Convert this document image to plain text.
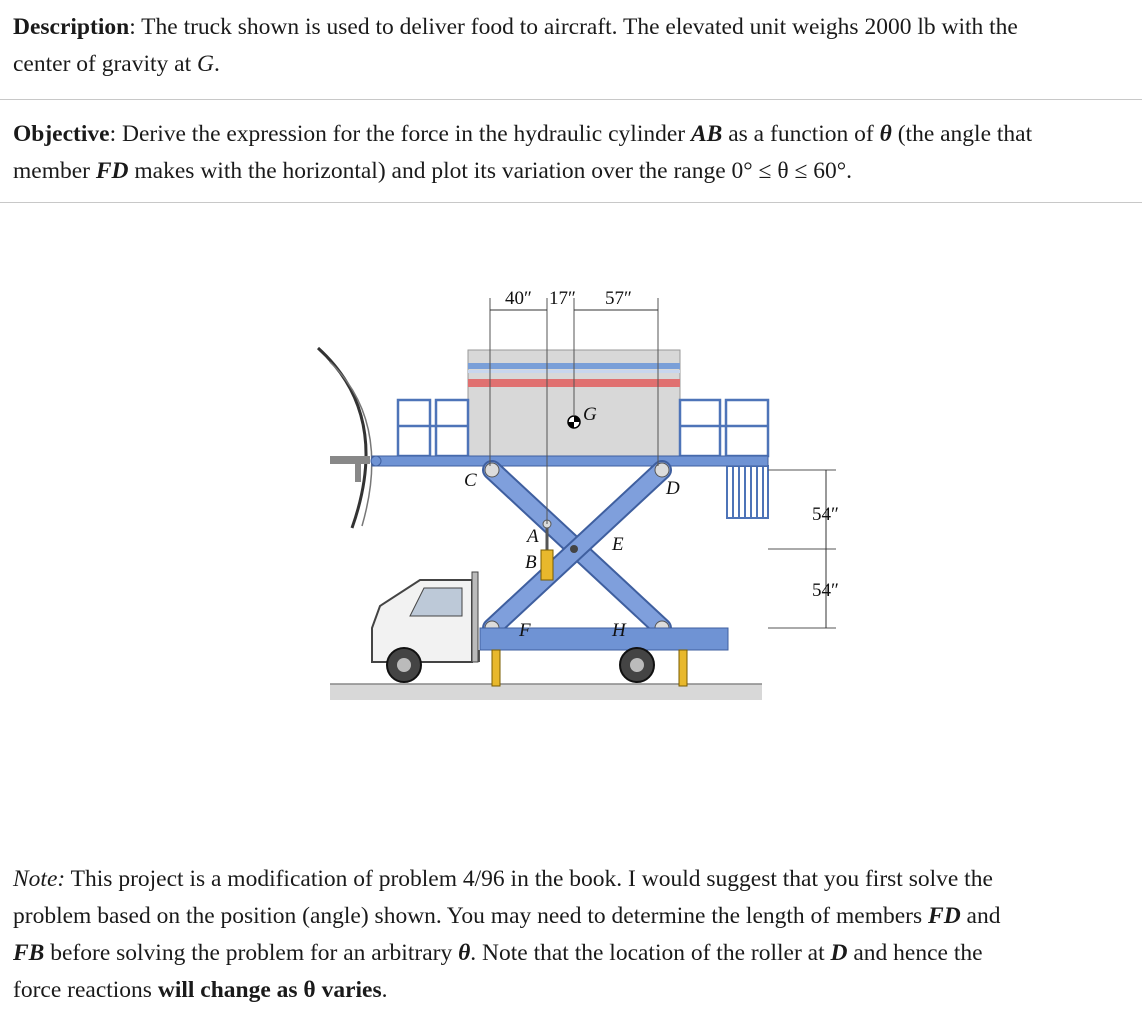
Description: The truck shown is used to deliver food to aircraft. The elevated unit weighs 2000 lb with the
center of gravity at G.
Objective: Derive the expression for the force in the hydraulic cylinder AB as a function of θ (the angle that
member FD makes with the horizontal) and plot its variation over the range 0° ≤ θ ≤ 60°.
40″ 17″ 57″
54″
54″
G
C	D
A
B
E
F	H
Note: This project is a modification of problem 4/96 in the book. I would suggest that you first solve the
problem based on the position (angle) shown. You may need to determine the length of members FD and
FB before solving the problem for an arbitrary θ. Note that the location of the roller at D and hence the
force reactions will change as θ varies.
